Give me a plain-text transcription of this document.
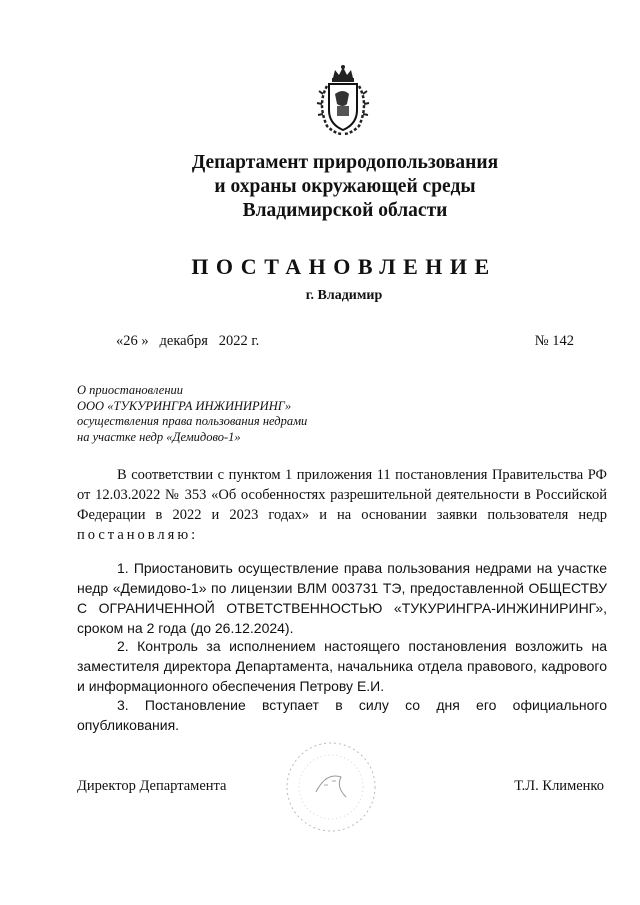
Департамент природопользования
и охраны окружающей среды
Владимирской области
ПОСТАНОВЛЕНИЕ
г. Владимир
«26 » декабря 2022 г.	№ 142
О приостановлении
ООО «ТУКУРИНГРА ИНЖИНИРИНГ»
осуществления права пользования недрами
на участке недр «Демидово-1»
В соответствии с пунктом 1 приложения 11 постановления Правительства РФ от 12.03.2022 № 353 «Об особенностях разрешительной деятельности в Российской Федерации в 2022 и 2023 годах» и на основании заявки пользователя недр постановляю:
1. Приостановить осуществление права пользования недрами на участке недр «Демидово-1» по лицензии ВЛМ 003731 ТЭ, предоставленной ОБЩЕСТВУ С ОГРАНИЧЕННОЙ ОТВЕТСТВЕННОСТЬЮ «ТУКУРИНГРА-ИНЖИНИРИНГ», сроком на 2 года (до 26.12.2024).
2. Контроль за исполнением настоящего постановления возложить на заместителя директора Департамента, начальника отдела правового, кадрового и информационного обеспечения Петрову Е.И.
3. Постановление вступает в силу со дня его официального опубликования.
Директор Департамента	Т.Л. Клименко
